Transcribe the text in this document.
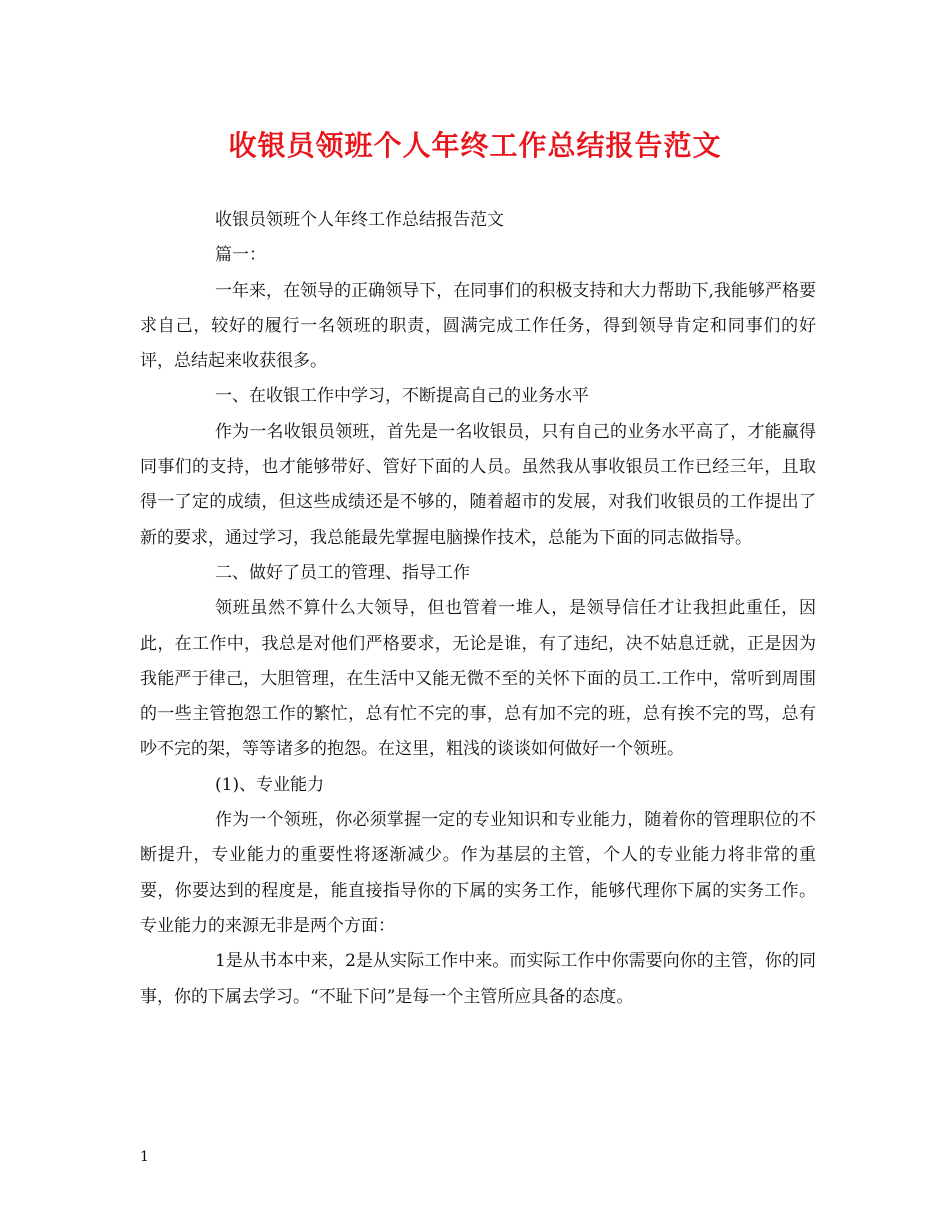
收银员领班个人年终工作总结报告范文

收银员领班个人年终工作总结报告范文

篇一：

一年来，在领导的正确领导下，在同事们的积极支持和大力帮助下,我能够严格要求自己，较好的履行一名领班的职责，圆满完成工作任务，得到领导肯定和同事们的好评，总结起来收获很多。

一、在收银工作中学习，不断提高自己的业务水平

作为一名收银员领班，首先是一名收银员，只有自己的业务水平高了，才能赢得同事们的支持，也才能够带好、管好下面的人员。虽然我从事收银员工作已经三年，且取得一了定的成绩，但这些成绩还是不够的，随着超市的发展，对我们收银员的工作提出了新的要求，通过学习，我总能最先掌握电脑操作技术，总能为下面的同志做指导。

二、做好了员工的管理、指导工作

领班虽然不算什么大领导，但也管着一堆人，是领导信任才让我担此重任，因此，在工作中，我总是对他们严格要求，无论是谁，有了违纪，决不姑息迁就，正是因为我能严于律己，大胆管理，在生活中又能无微不至的关怀下面的员工.工作中，常听到周围的一些主管抱怨工作的繁忙，总有忙不完的事，总有加不完的班，总有挨不完的骂，总有吵不完的架，等等诸多的抱怨。在这里，粗浅的谈谈如何做好一个领班。

(1)、专业能力

作为一个领班，你必须掌握一定的专业知识和专业能力，随着你的管理职位的不断提升，专业能力的重要性将逐渐减少。作为基层的主管，个人的专业能力将非常的重要，你要达到的程度是，能直接指导你的下属的实务工作，能够代理你下属的实务工作。专业能力的来源无非是两个方面：

1是从书本中来，2是从实际工作中来。而实际工作中你需要向你的主管，你的同事，你的下属去学习。“不耻下问”是每一个主管所应具备的态度。

1
